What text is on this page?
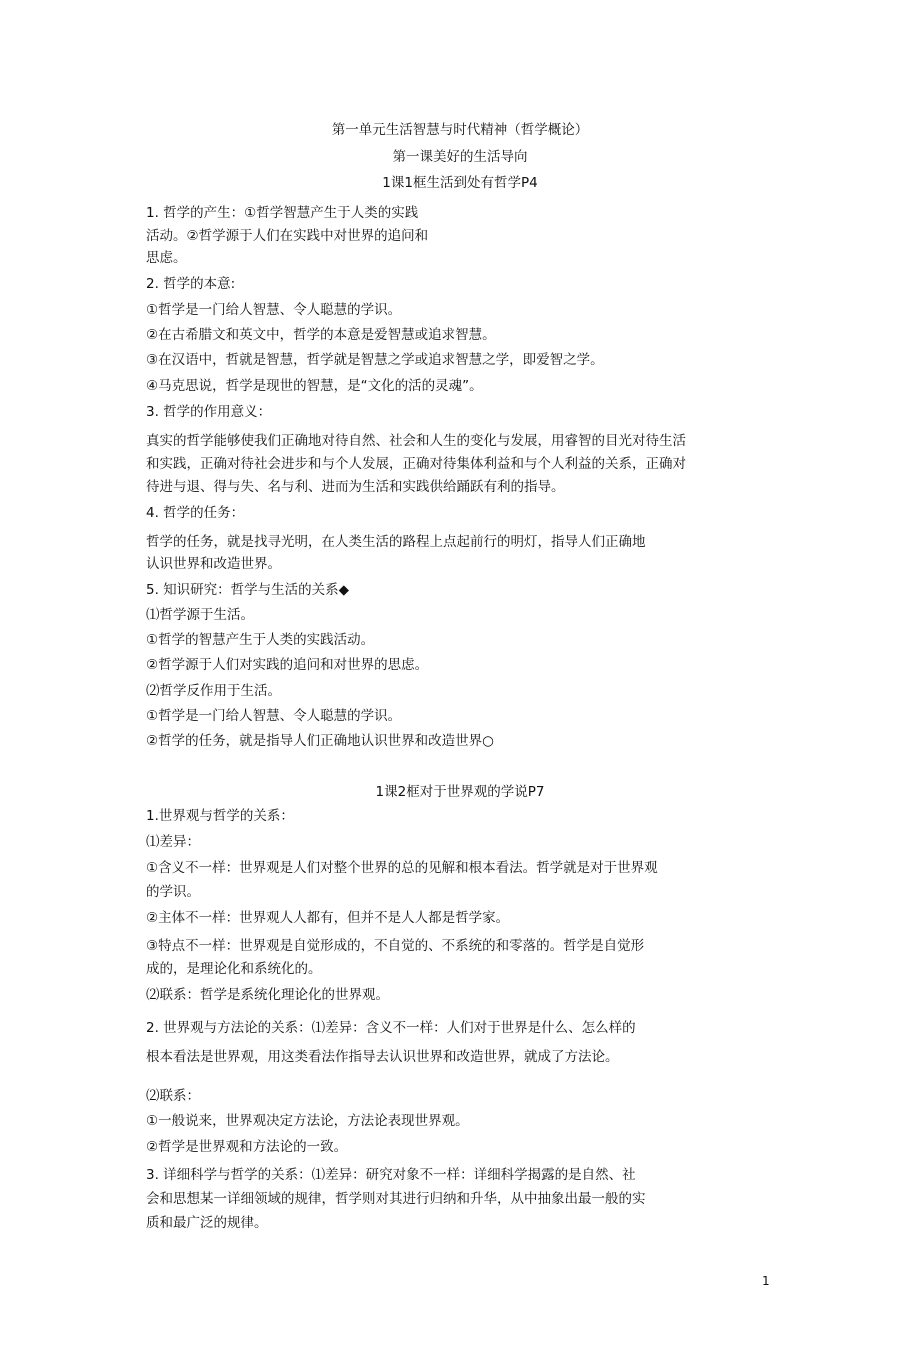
第一单元生活智慧与时代精神（哲学概论）

第一课美好的生活导向

1课1框生活到处有哲学P4

1. 哲学的产生：①哲学智慧产生于人类的实践

活动。②哲学源于人们在实践中对世界的追问和

思虑。

2. 哲学的本意:

①哲学是一门给人智慧、令人聪慧的学识。

②在古希腊文和英文中，哲学的本意是爱智慧或追求智慧。

③在汉语中，哲就是智慧，哲学就是智慧之学或追求智慧之学，即爱智之学。

④马克思说，哲学是现世的智慧，是“文化的活的灵魂”。

3. 哲学的作用意义：

真实的哲学能够使我们正确地对待自然、社会和人生的变化与发展，用睿智的目光对待生活

和实践，正确对待社会进步和与个人发展，正确对待集体利益和与个人利益的关系，正确对

待进与退、得与失、名与利、进而为生活和实践供给踊跃有利的指导。

4. 哲学的任务：

哲学的任务，就是找寻光明，在人类生活的路程上点起前行的明灯，指导人们正确地

认识世界和改造世界。

5. 知识研究：哲学与生活的关系◆

⑴哲学源于生活。

①哲学的智慧产生于人类的实践活动。

②哲学源于人们对实践的追问和对世界的思虑。

⑵哲学反作用于生活。

①哲学是一门给人智慧、令人聪慧的学识。

②哲学的任务，就是指导人们正确地认识世界和改造世界○

1课2框对于世界观的学说P7

1.世界观与哲学的关系：

⑴差异：

①含义不一样：世界观是人们对整个世界的总的见解和根本看法。哲学就是对于世界观

的学识。

②主体不一样：世界观人人都有，但并不是人人都是哲学家。

③特点不一样：世界观是自觉形成的，不自觉的、不系统的和零落的。哲学是自觉形

成的，是理论化和系统化的。

⑵联系：哲学是系统化理论化的世界观。

2. 世界观与方法论的关系：⑴差异：含义不一样：人们对于世界是什么、怎么样的

根本看法是世界观，用这类看法作指导去认识世界和改造世界，就成了方法论。

⑵联系：

①一般说来，世界观决定方法论，方法论表现世界观。

②哲学是世界观和方法论的一致。

3. 详细科学与哲学的关系：⑴差异：研究对象不一样：详细科学揭露的是自然、社

会和思想某一详细领域的规律，哲学则对其进行归纳和升华，从中抽象出最一般的实

质和最广泛的规律。

1
